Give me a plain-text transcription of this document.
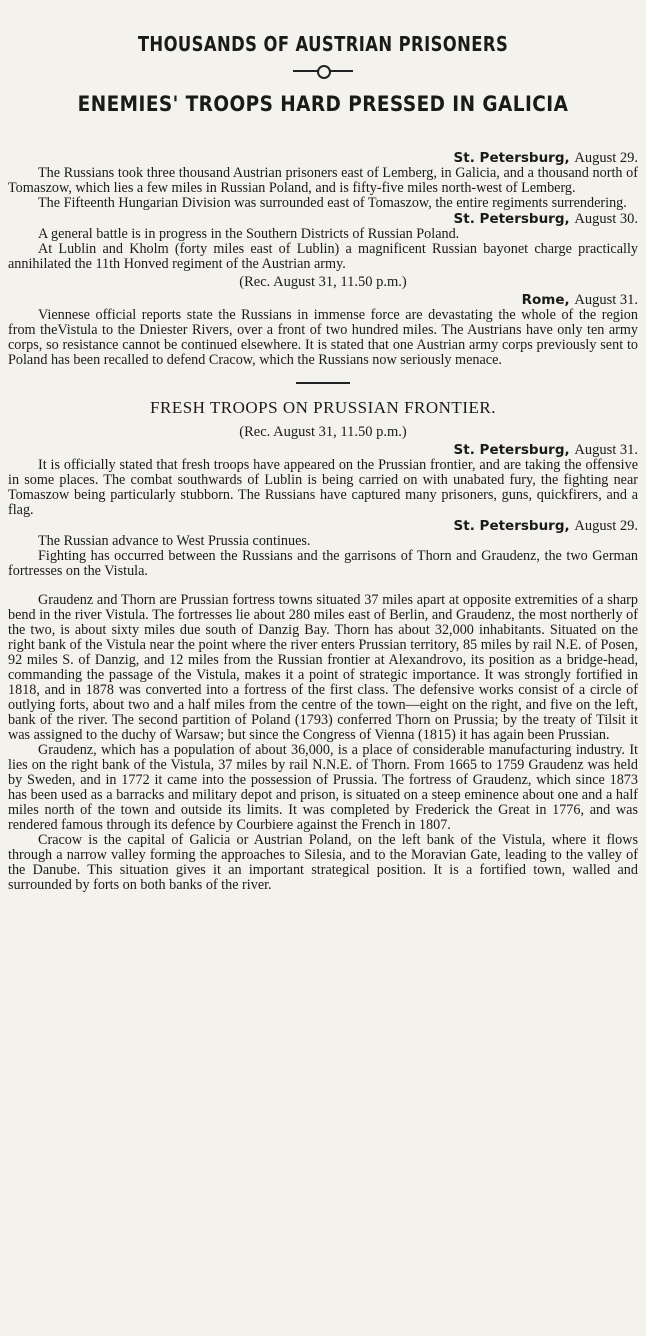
THOUSANDS OF AUSTRIAN PRISONERS
ENEMIES' TROOPS HARD PRESSED IN GALICIA
St. Petersburg, August 29.

The Russians took three thousand Austrian prisoners east of Lemberg, in Galicia, and a thousand north of Tomaszow, which lies a few miles in Russian Poland, and is fifty-five miles north-west of Lemberg.

The Fifteenth Hungarian Division was surrounded east of Tomaszow, the entire regiments surrendering.

St. Petersburg, August 30.

A general battle is in progress in the Southern Districts of Russian Poland.

At Lublin and Kholm (forty miles east of Lublin) a magnificent Russian bayonet charge practically annihilated the 11th Honved regiment of the Austrian army.

(Rec. August 31, 11.50 p.m.)
Rome, August 31.

Viennese official reports state the Russians in immense force are devastating the whole of the region from theVistula to the Dniester Rivers, over a front of two hundred miles. The Austrians have only ten army corps, so resistance cannot be continued elsewhere. It is stated that one Austrian army corps previously sent to Poland has been recalled to defend Cracow, which the Russians now seriously menace.

FRESH TROOPS ON PRUSSIAN FRONTIER.
(Rec. August 31, 11.50 p.m.)
St. Petersburg, August 31.

It is officially stated that fresh troops have appeared on the Prussian frontier, and are taking the offensive in some places. The combat southwards of Lublin is being carried on with unabated fury, the fighting near Tomaszow being particularly stubborn. The Russians have captured many prisoners, guns, quickfirers, and a flag.

St. Petersburg, August 29.

The Russian advance to West Prussia continues.

Fighting has occurred between the Russians and the garrisons of Thorn and Graudenz, the two German fortresses on the Vistula.

Graudenz and Thorn are Prussian fortress towns situated 37 miles apart at opposite extremities of a sharp bend in the river Vistula. The fortresses lie about 280 miles east of Berlin, and Graudenz, the most northerly of the two, is about sixty miles due south of Danzig Bay. Thorn has about 32,000 inhabitants. Situated on the right bank of the Vistula near the point where the river enters Prussian territory, 85 miles by rail N.E. of Posen, 92 miles S. of Danzig, and 12 miles from the Russian frontier at Alexandrovo, its position as a bridge-head, commanding the passage of the Vistula, makes it a point of strategic importance. It was strongly fortified in 1818, and in 1878 was converted into a fortress of the first class. The defensive works consist of a circle of outlying forts, about two and a half miles from the centre of the town—eight on the right, and five on the left, bank of the river. The second partition of Poland (1793) conferred Thorn on Prussia; by the treaty of Tilsit it was assigned to the duchy of Warsaw; but since the Congress of Vienna (1815) it has again been Prussian.

Graudenz, which has a population of about 36,000, is a place of considerable manufacturing industry. It lies on the right bank of the Vistula, 37 miles by rail N.N.E. of Thorn. From 1665 to 1759 Graudenz was held by Sweden, and in 1772 it came into the possession of Prussia. The fortress of Graudenz, which since 1873 has been used as a barracks and military depot and prison, is situated on a steep eminence about one and a half miles north of the town and outside its limits. It was completed by Frederick the Great in 1776, and was rendered famous through its defence by Courbiere against the French in 1807.

Cracow is the capital of Galicia or Austrian Poland, on the left bank of the Vistula, where it flows through a narrow valley forming the approaches to Silesia, and to the Moravian Gate, leading to the valley of the Danube. This situation gives it an important strategical position. It is a fortified town, walled and surrounded by forts on both banks of the river.
